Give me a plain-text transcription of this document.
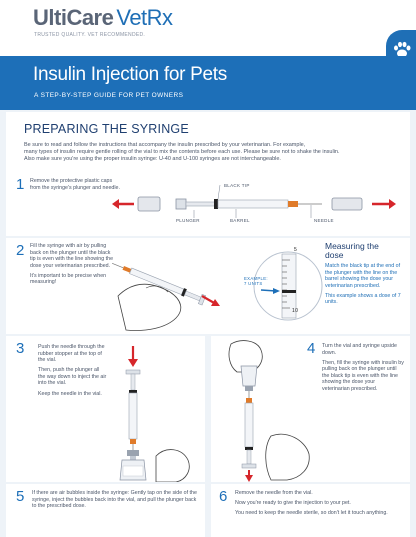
UltiCare VetRx
TRUSTED QUALITY. VET RECOMMENDED.
Insulin Injection for Pets
A STEP-BY-STEP GUIDE FOR PET OWNERS
PREPARING THE SYRINGE

Be sure to read and follow the instructions that accompany the insulin prescribed by your veterinarian. For example,

many types of insulin require gentle rolling of the vial to mix the contents before each use. Please be sure not to shake the insulin.

Also make sure you're using the proper insulin syringe: U-40 and U-100 syringes are not interchangeable.

1 Remove the protective plastic caps from the syringe's plunger and needle.	BLACK TIP
PLUNGER	BARREL	NEEDLE
2 Fill the syringe with air by pulling back on the plunger until the black tip is even with the line showing the dose your veterinarian prescribed.

It's important to be precise when measuring!

5
10
EXAMPLE: 7 UNITS
Measuring the dose

Match the black tip at the end of the plunger with the line on the barrel showing the dose your veterinarian prescribed.

This example shows a dose of 7 units.

3	Push the needle through the rubber stopper at the top of the vial.

Then, push the plunger all the way down to inject the air into the vial.

Keep the needle in the vial.

4 Turn the vial and syringe upside down.

Then, fill the syringe with insulin by pulling back on the plunger until the black tip is even with the line showing the dose your veterinarian prescribed.

5 If there are air bubbles inside the syringe: Gently tap on the side of the syringe, inject the bubbles back into the vial, and pull the plunger back to the prescribed dose.

6 Remove the needle from the vial.

Now you're ready to give the injection to your pet.

You need to keep the needle sterile, so don't let it touch anything.
